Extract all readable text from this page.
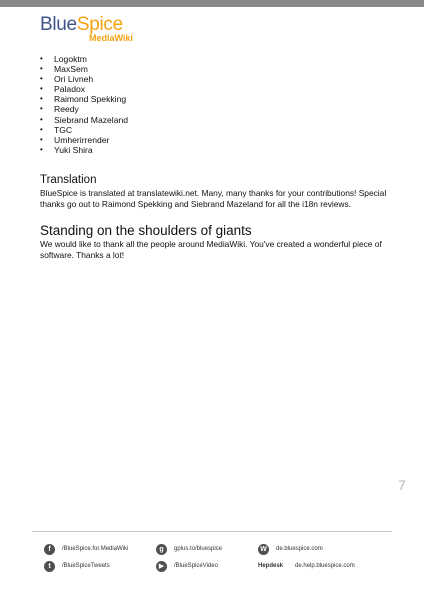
BlueSpice
MediaWiki
• Logoktm
• MaxSem
• Ori Livneh
• Paladox
• Raimond Spekking
• Reedy
• Siebrand Mazeland
• TGC
• Umherirrender
• Yuki Shira
Translation

BlueSpice is translated at translatewiki.net. Many, many thanks for your contributions! Special thanks go out to Raimond Spekking and Siebrand Mazeland for all the i18n reviews.

Standing on the shoulders of giants

We would like to thank all the people around MediaWiki. You've created a wonderful piece of software. Thanks a lot!

7
f	/BlueSpice.for.MediaWiki	g	gplus.to/bluespice	W	de.bluespice.com
t	/BlueSpiceTweets	▶	/BlueSpiceVideo	Hepdesk de.help.bluespice.com
